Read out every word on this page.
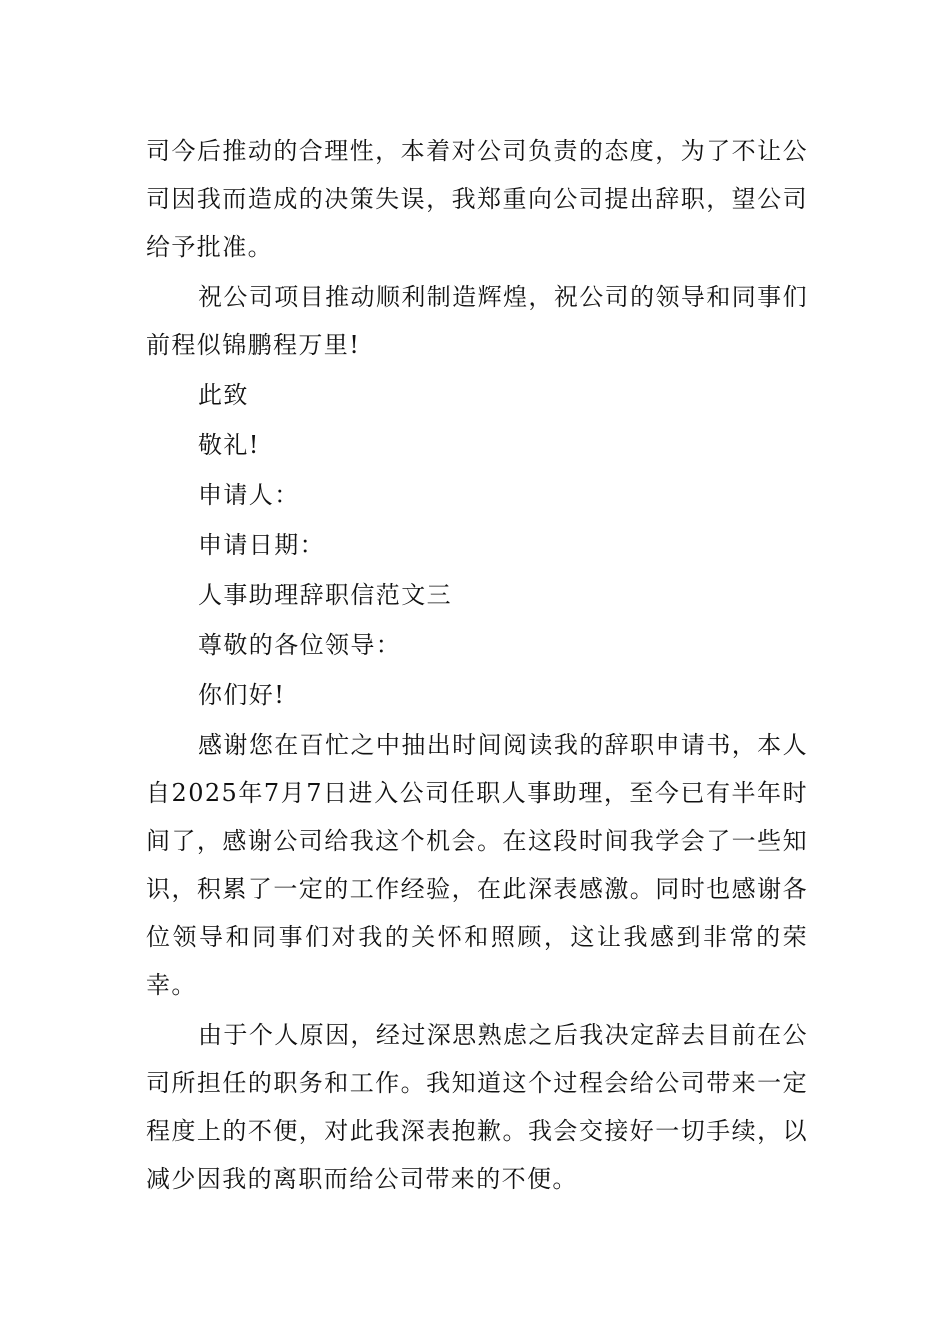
司今后推动的合理性，本着对公司负责的态度，为了不让公司因我而造成的决策失误，我郑重向公司提出辞职，望公司给予批准。

祝公司项目推动顺利制造辉煌，祝公司的领导和同事们前程似锦鹏程万里!

此致

敬礼!

申请人：

申请日期：

人事助理辞职信范文三

尊敬的各位领导：

你们好!

感谢您在百忙之中抽出时间阅读我的辞职申请书，本人自2025年7月7日进入公司任职人事助理，至今已有半年时间了，感谢公司给我这个机会。在这段时间我学会了一些知识，积累了一定的工作经验，在此深表感激。同时也感谢各位领导和同事们对我的关怀和照顾，这让我感到非常的荣幸。

由于个人原因，经过深思熟虑之后我决定辞去目前在公司所担任的职务和工作。我知道这个过程会给公司带来一定程度上的不便，对此我深表抱歉。我会交接好一切手续，以减少因我的离职而给公司带来的不便。
